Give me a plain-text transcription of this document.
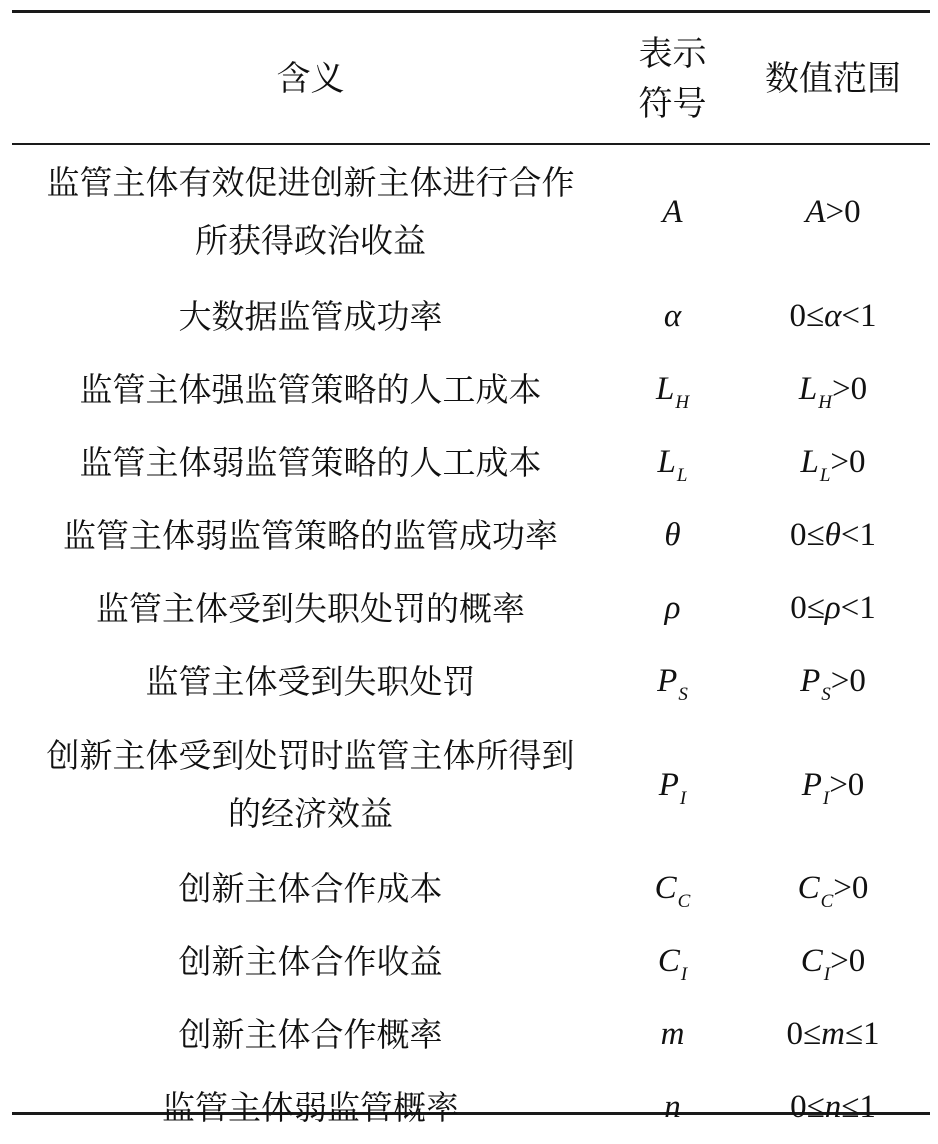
含义	表示符号	数值范围
监管主体有效促进创新主体进行合作所获得政治收益	A	A>0
大数据监管成功率	α	0≤α<1
监管主体强监管策略的人工成本	$L_H$	$L_H>0$
监管主体弱监管策略的人工成本	$L_L$	$L_L>0$
监管主体弱监管策略的监管成功率	θ	0≤θ<1
监管主体受到失职处罚的概率	ρ	0≤ρ<1
监管主体受到失职处罚	$P_S$	$P_S>0$
创新主体受到处罚时监管主体所得到的经济效益	$P_I$	$P_I>0$
创新主体合作成本	$C_C$	$C_C>0$
创新主体合作收益	$C_I$	$C_I>0$
创新主体合作概率	m	0≤m≤1
监管主体弱监管概率	n	0≤n≤1
